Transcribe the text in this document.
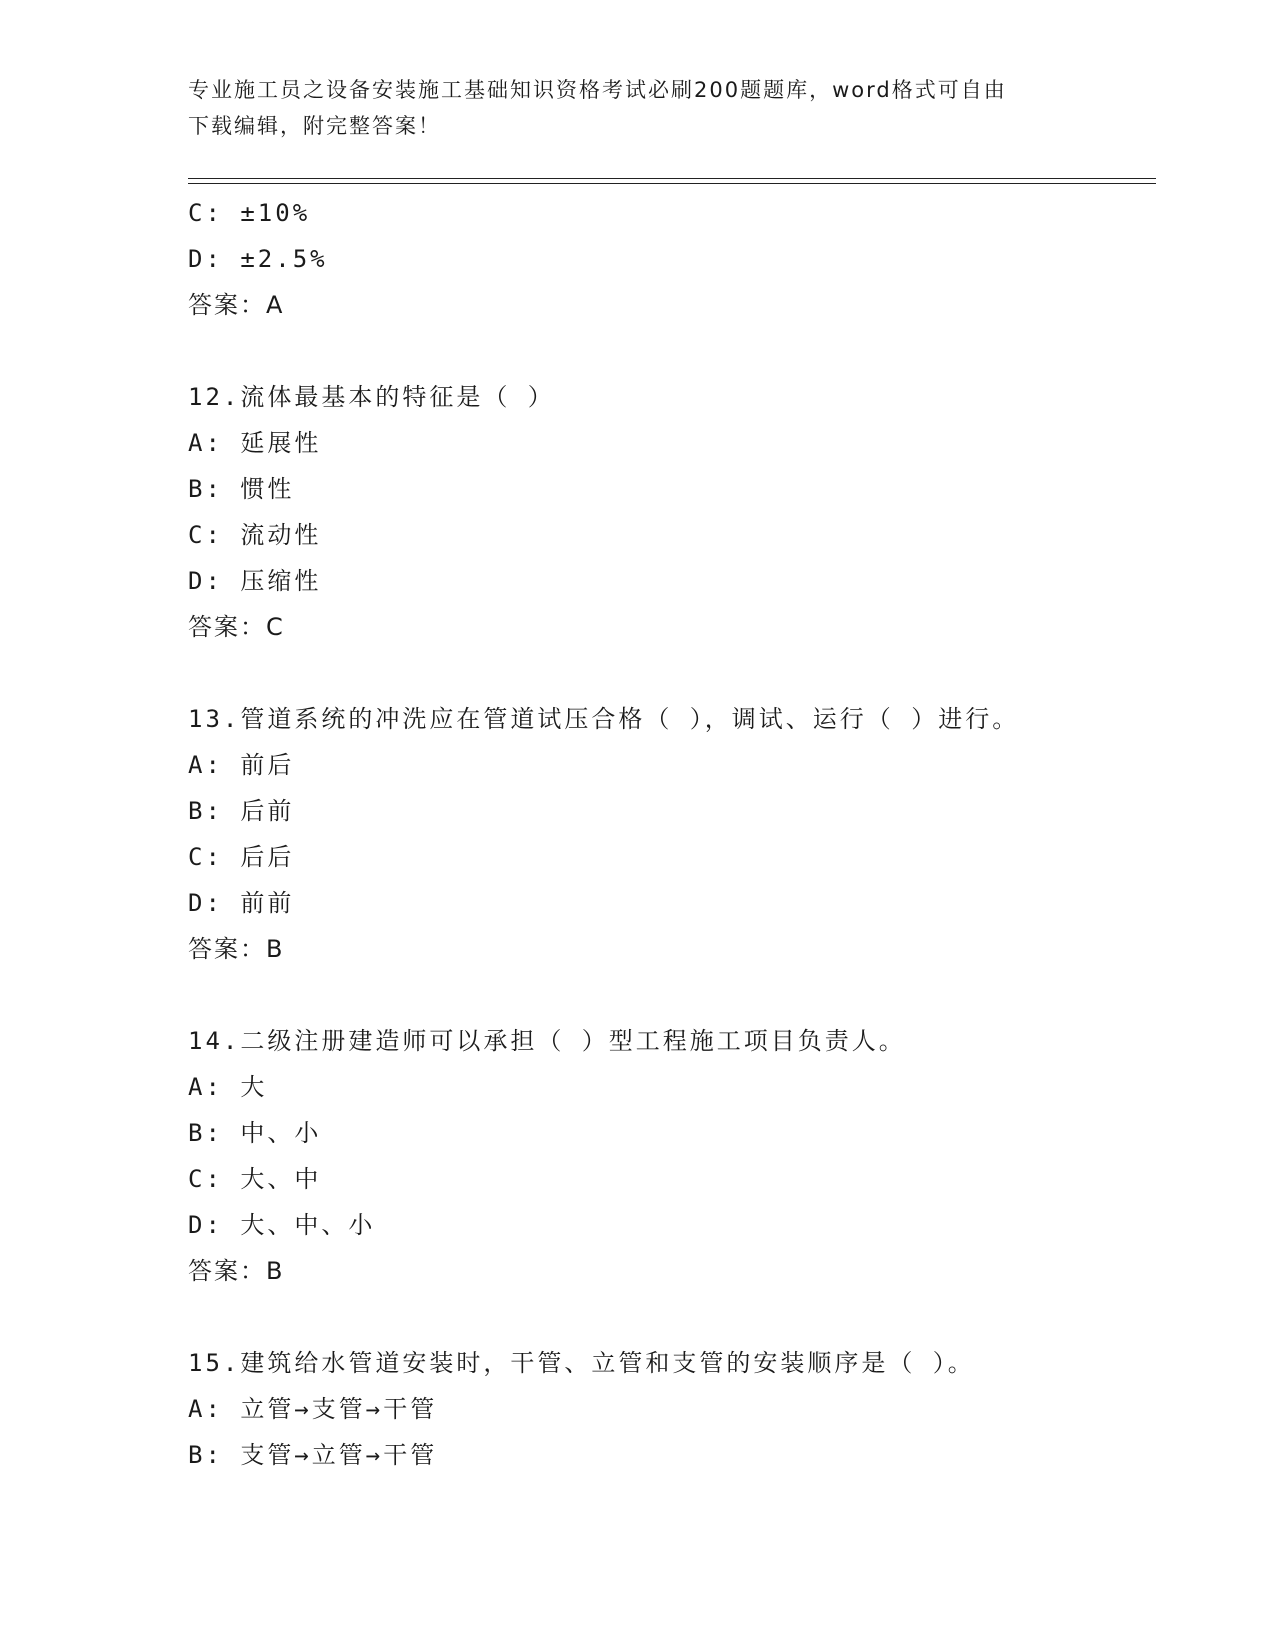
专业施工员之设备安装施工基础知识资格考试必刷200题题库，word格式可自由
下载编辑，附完整答案！
C: ±10%
D: ±2.5%
答案：A
12.流体最基本的特征是（ ）
A: 延展性
B: 惯性
C: 流动性
D: 压缩性
答案：C
13.管道系统的冲洗应在管道试压合格（ ），调试、运行（ ）进行。
A: 前后
B: 后前
C: 后后
D: 前前
答案：B
14.二级注册建造师可以承担（ ）型工程施工项目负责人。
A: 大
B: 中、小
C: 大、中
D: 大、中、小
答案：B
15.建筑给水管道安装时，干管、立管和支管的安装顺序是（ ）。
A: 立管→支管→干管
B: 支管→立管→干管
